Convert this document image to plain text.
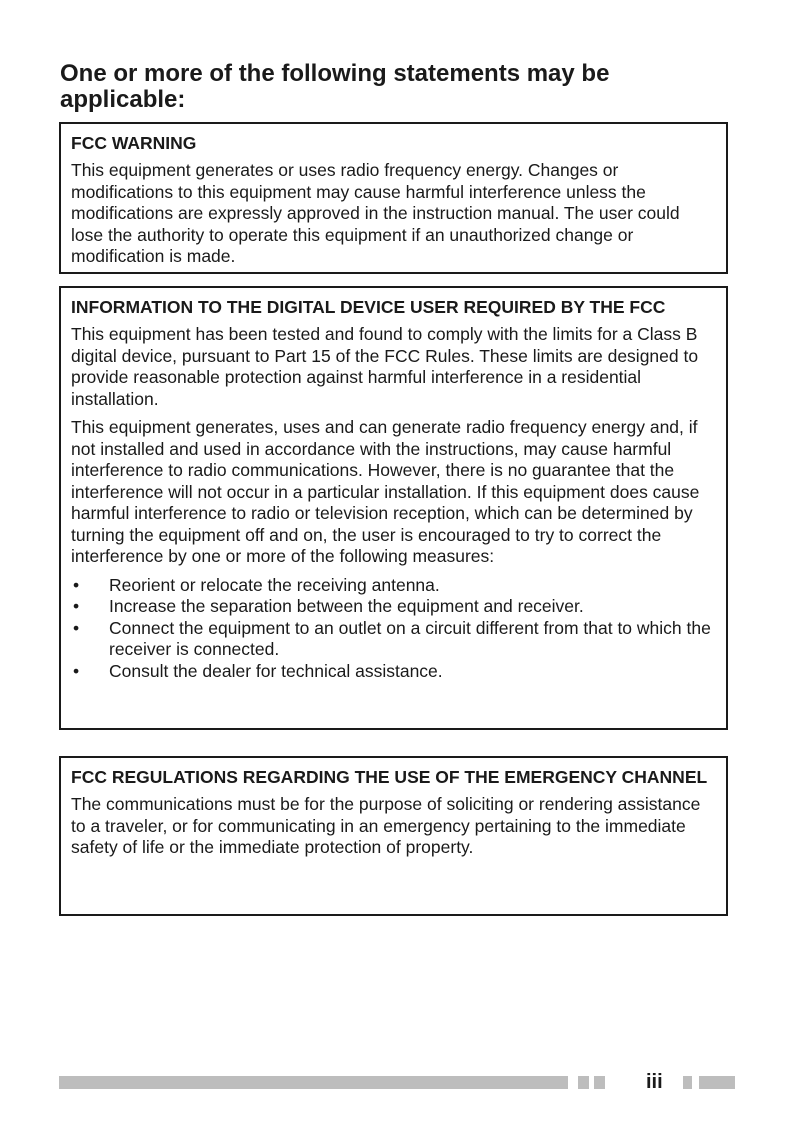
One or more of the following statements may be applicable:
FCC WARNING

This equipment generates or uses radio frequency energy. Changes or modifications to this equipment may cause harmful interference unless the modifications are expressly approved in the instruction manual. The user could lose the authority to operate this equipment if an unauthorized change or modification is made.

INFORMATION TO THE DIGITAL DEVICE USER REQUIRED BY THE FCC

This equipment has been tested and found to comply with the limits for a Class B digital device, pursuant to Part 15 of the FCC Rules. These limits are designed to provide reasonable protection against harmful interference in a residential installation.

This equipment generates, uses and can generate radio frequency energy and, if not installed and used in accordance with the instructions, may cause harmful interference to radio communications. However, there is no guarantee that the interference will not occur in a particular installation. If this equipment does cause harmful interference to radio or television reception, which can be determined by turning the equipment off and on, the user is encouraged to try to correct the interference by one or more of the following measures:

• Reorient or relocate the receiving antenna.
• Increase the separation between the equipment and receiver.
• Connect the equipment to an outlet on a circuit different from that to which the receiver is connected.
• Consult the dealer for technical assistance.
FCC REGULATIONS REGARDING THE USE OF THE EMERGENCY CHANNEL

The communications must be for the purpose of soliciting or rendering assistance to a traveler, or for communicating in an emergency pertaining to the immediate safety of life or the immediate protection of property.

iii
